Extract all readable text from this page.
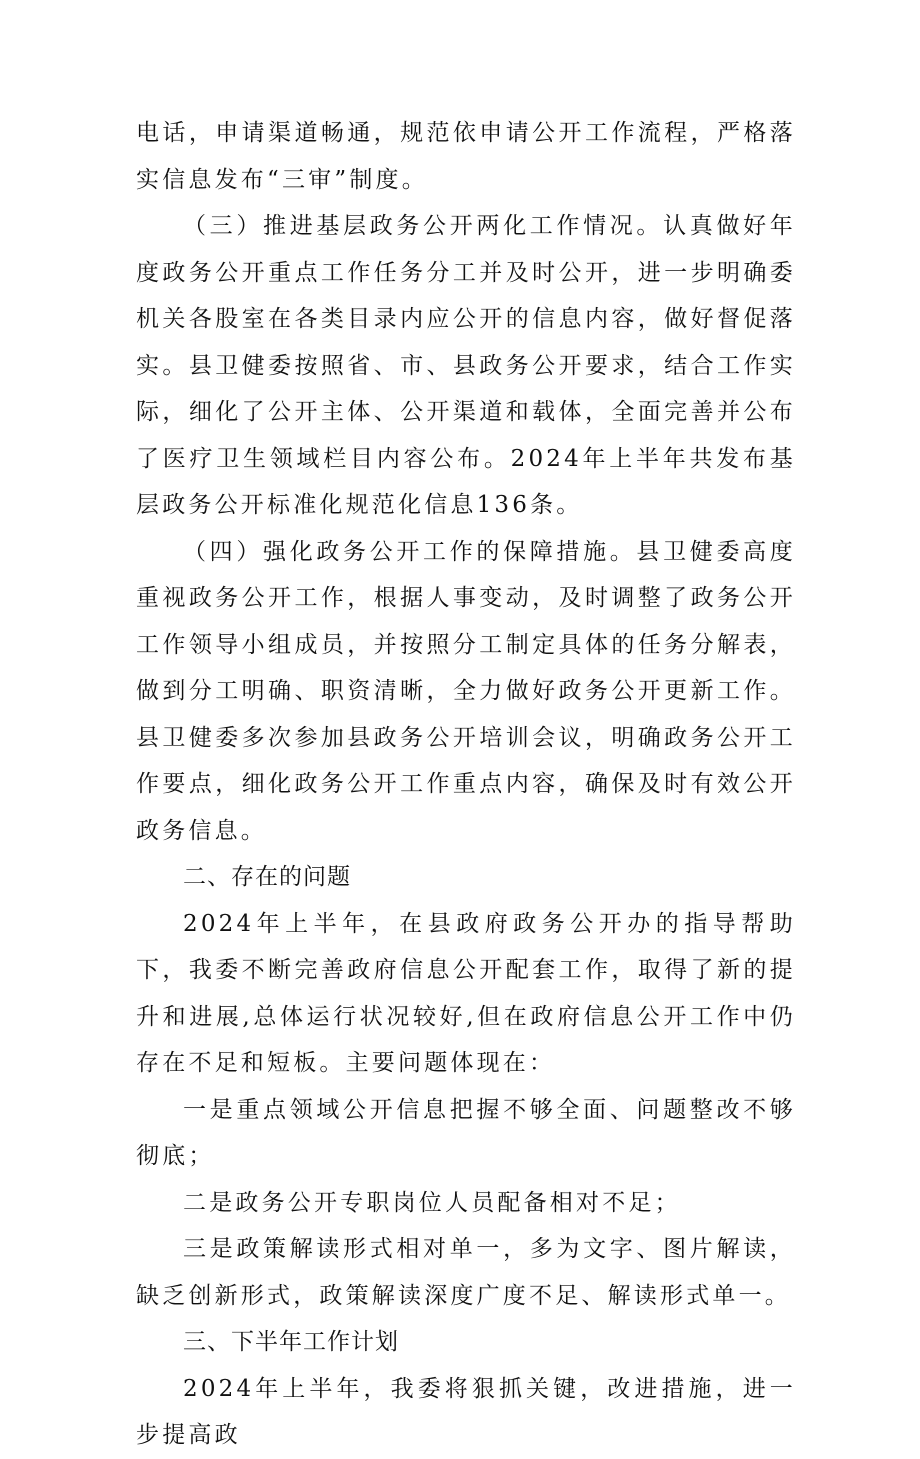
电话，申请渠道畅通，规范依申请公开工作流程，严格落实信息发布“三审”制度。

（三）推进基层政务公开两化工作情况。认真做好年度政务公开重点工作任务分工并及时公开，进一步明确委机关各股室在各类目录内应公开的信息内容，做好督促落实。县卫健委按照省、市、县政务公开要求，结合工作实际，细化了公开主体、公开渠道和载体，全面完善并公布了医疗卫生领域栏目内容公布。2024年上半年共发布基层政务公开标准化规范化信息136条。

（四）强化政务公开工作的保障措施。县卫健委高度重视政务公开工作，根据人事变动，及时调整了政务公开工作领导小组成员，并按照分工制定具体的任务分解表，做到分工明确、职资清晰，全力做好政务公开更新工作。县卫健委多次参加县政务公开培训会议，明确政务公开工作要点，细化政务公开工作重点内容，确保及时有效公开政务信息。

二、存在的问题

2024年上半年，在县政府政务公开办的指导帮助下，我委不断完善政府信息公开配套工作，取得了新的提升和进展,总体运行状况较好,但在政府信息公开工作中仍存在不足和短板。主要问题体现在：

一是重点领域公开信息把握不够全面、问题整改不够彻底；

二是政务公开专职岗位人员配备相对不足；

三是政策解读形式相对单一，多为文字、图片解读，缺乏创新形式，政策解读深度广度不足、解读形式单一。

三、下半年工作计划

2024年上半年，我委将狠抓关键，改进措施，进一步提高政
